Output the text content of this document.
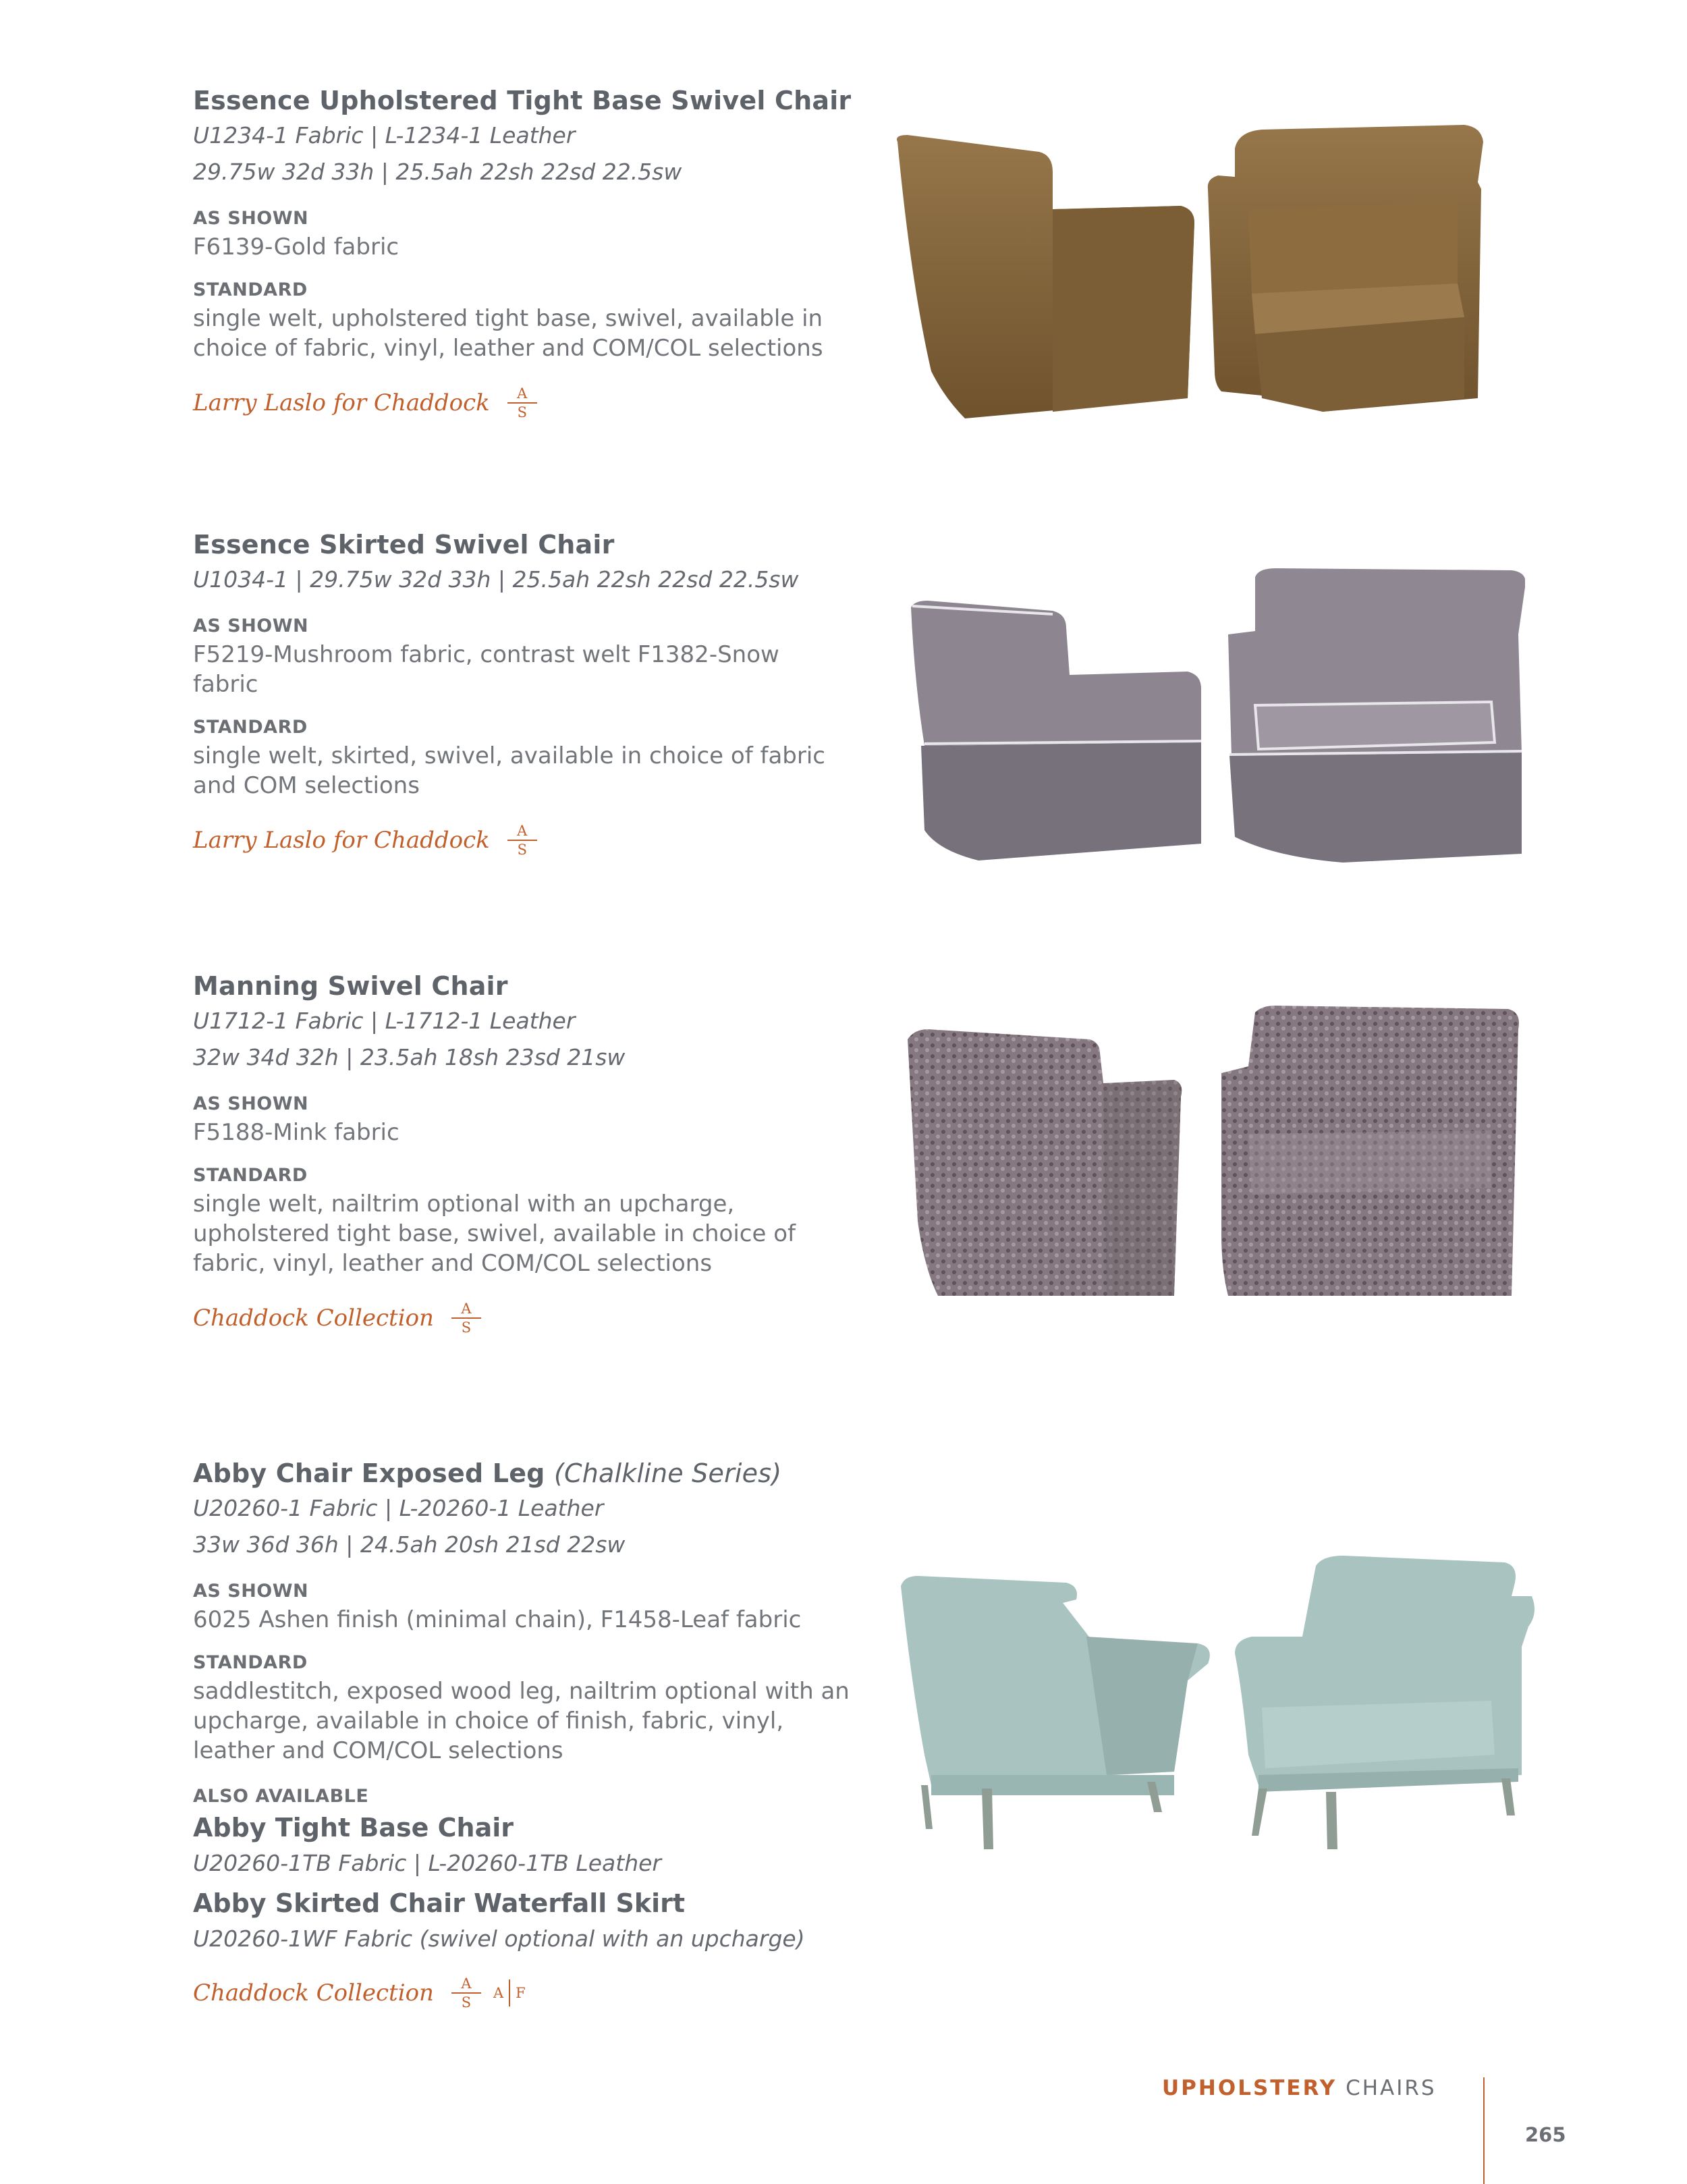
Essence Upholstered Tight Base Swivel Chair
U1234-1 Fabric | L-1234-1 Leather
29.75w 32d 33h | 25.5ah 22sh 22sd 22.5sw
AS SHOWN
F6139-Gold fabric
STANDARD
single welt, upholstered tight base, swivel, available in choice of fabric, vinyl, leather and COM/COL selections
Larry Laslo for Chaddock $\frac{A}{S}$
Essence Skirted Swivel Chair
U1034-1 | 29.75w 32d 33h | 25.5ah 22sh 22sd 22.5sw
AS SHOWN
F5219-Mushroom fabric, contrast welt F1382-Snow fabric
STANDARD
single welt, skirted, swivel, available in choice of fabric and COM selections
Larry Laslo for Chaddock $\frac{A}{S}$
Manning Swivel Chair
U1712-1 Fabric | L-1712-1 Leather
32w 34d 32h | 23.5ah 18sh 23sd 21sw
AS SHOWN
F5188-Mink fabric
STANDARD
single welt, nailtrim optional with an upcharge, upholstered tight base, swivel, available in choice of fabric, vinyl, leather and COM/COL selections
Chaddock Collection $\frac{A}{S}$
Abby Chair Exposed Leg (Chalkline Series)
U20260-1 Fabric | L-20260-1 Leather
33w 36d 36h | 24.5ah 20sh 21sd 22sw
AS SHOWN
6025 Ashen finish (minimal chain), F1458-Leaf fabric
STANDARD
saddlestitch, exposed wood leg, nailtrim optional with an upcharge, available in choice of finish, fabric, vinyl, leather and COM/COL selections
ALSO AVAILABLE
Abby Tight Base Chair
U20260-1TB Fabric | L-20260-1TB Leather
Abby Skirted Chair Waterfall Skirt
U20260-1WF Fabric (swivel optional with an upcharge)
Chaddock Collection $\frac{A}{S}$ A F
UPHOLSTERY CHAIRS
265
